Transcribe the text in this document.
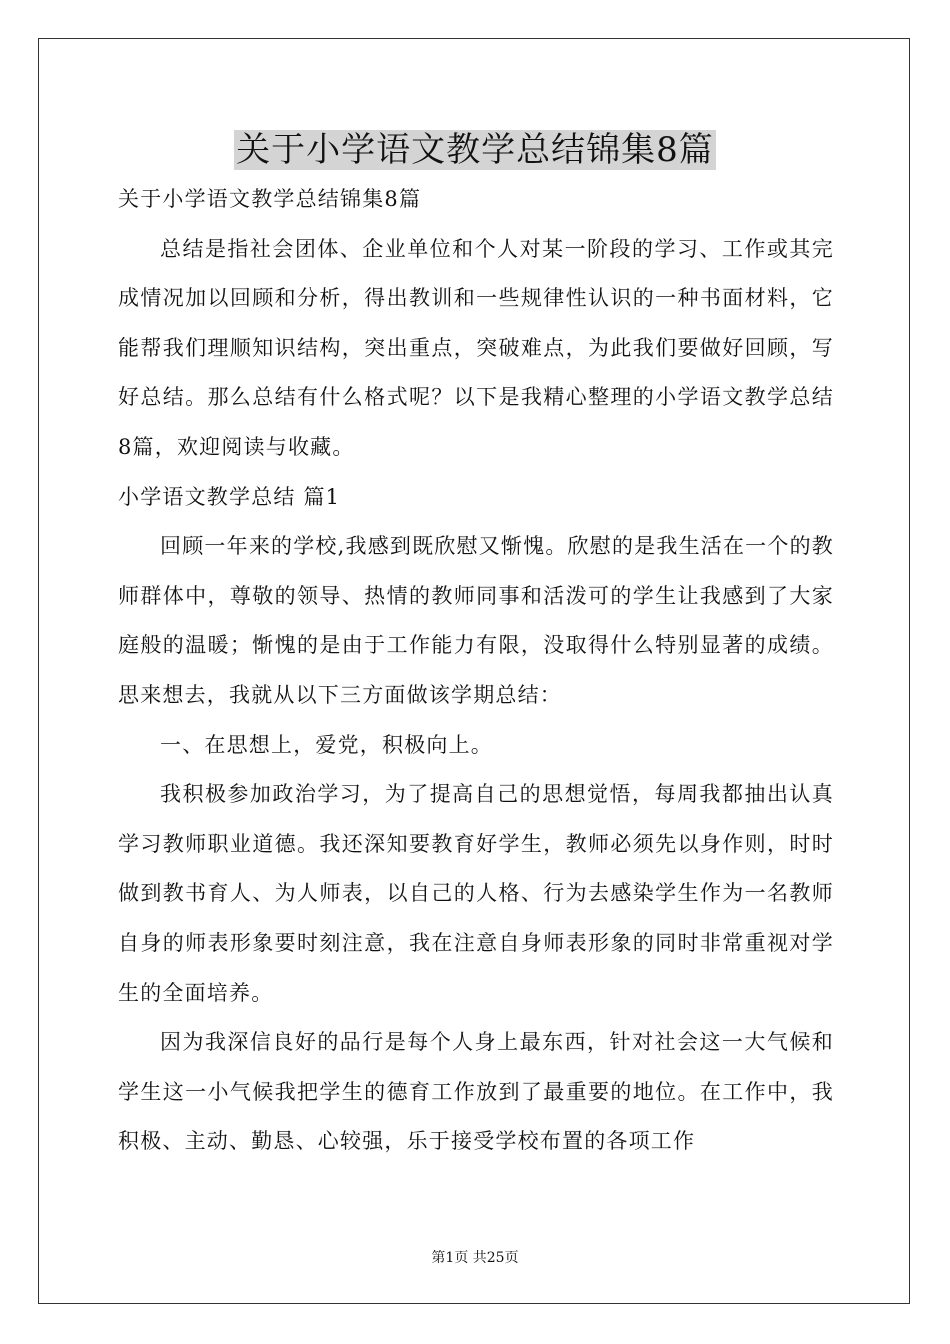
关于小学语文教学总结锦集8篇

关于小学语文教学总结锦集8篇

总结是指社会团体、企业单位和个人对某一阶段的学习、工作或其完成情况加以回顾和分析，得出教训和一些规律性认识的一种书面材料，它能帮我们理顺知识结构，突出重点，突破难点，为此我们要做好回顾，写好总结。那么总结有什么格式呢？以下是我精心整理的小学语文教学总结8篇，欢迎阅读与收藏。

小学语文教学总结 篇1

回顾一年来的学校,我感到既欣慰又惭愧。欣慰的是我生活在一个的教师群体中，尊敬的领导、热情的教师同事和活泼可的学生让我感到了大家庭般的温暖；惭愧的是由于工作能力有限，没取得什么特别显著的成绩。思来想去，我就从以下三方面做该学期总结：

一、在思想上，爱党，积极向上。

我积极参加政治学习，为了提高自己的思想觉悟，每周我都抽出认真学习教师职业道德。我还深知要教育好学生，教师必须先以身作则，时时做到教书育人、为人师表，以自己的人格、行为去感染学生作为一名教师自身的师表形象要时刻注意，我在注意自身师表形象的同时非常重视对学生的全面培养。

因为我深信良好的品行是每个人身上最东西，针对社会这一大气候和学生这一小气候我把学生的德育工作放到了最重要的地位。在工作中，我积极、主动、勤恳、心较强，乐于接受学校布置的各项工作

第1页 共25页
